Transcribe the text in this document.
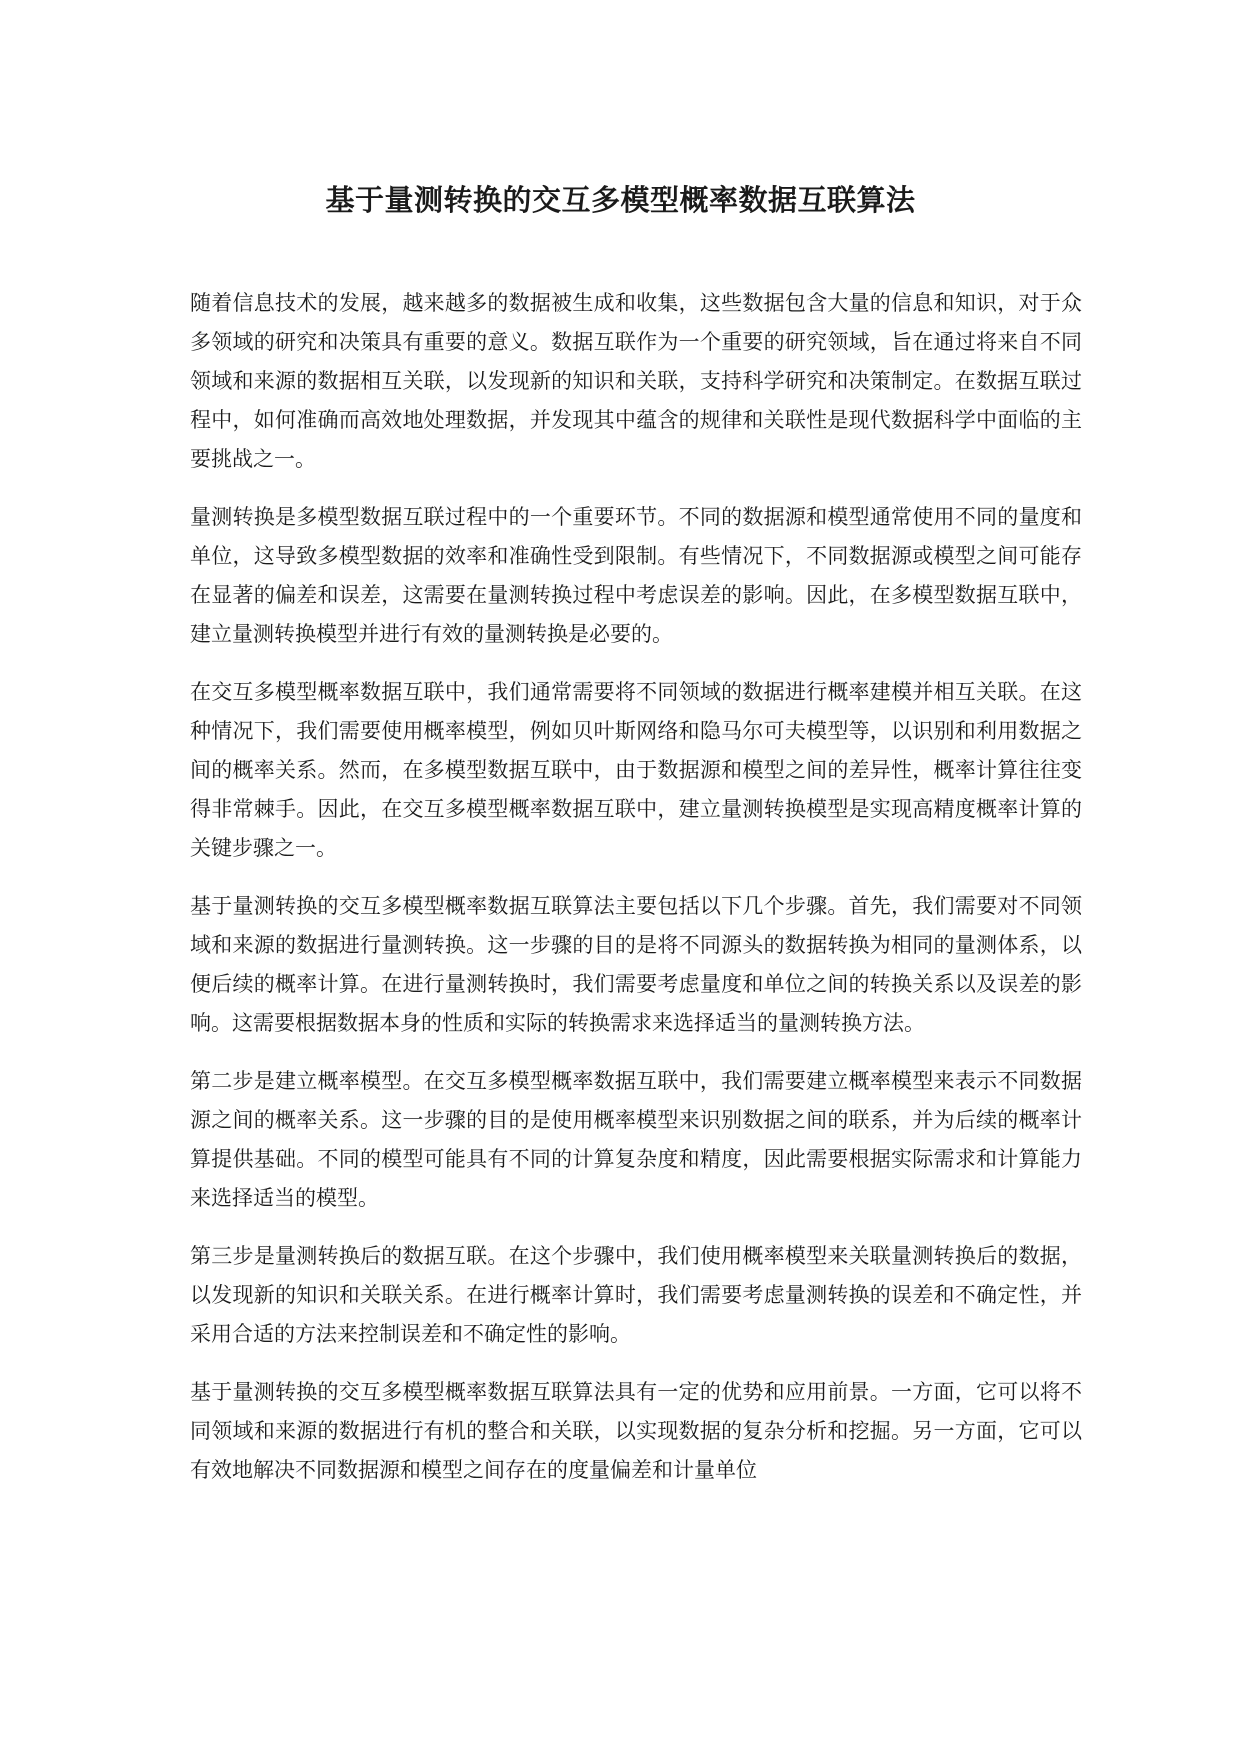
基于量测转换的交互多模型概率数据互联算法

随着信息技术的发展，越来越多的数据被生成和收集，这些数据包含大量的信息和知识，对于众多领域的研究和决策具有重要的意义。数据互联作为一个重要的研究领域，旨在通过将来自不同领域和来源的数据相互关联，以发现新的知识和关联，支持科学研究和决策制定。在数据互联过程中，如何准确而高效地处理数据，并发现其中蕴含的规律和关联性是现代数据科学中面临的主要挑战之一。

量测转换是多模型数据互联过程中的一个重要环节。不同的数据源和模型通常使用不同的量度和单位，这导致多模型数据的效率和准确性受到限制。有些情况下，不同数据源或模型之间可能存在显著的偏差和误差，这需要在量测转换过程中考虑误差的影响。因此，在多模型数据互联中，建立量测转换模型并进行有效的量测转换是必要的。

在交互多模型概率数据互联中，我们通常需要将不同领域的数据进行概率建模并相互关联。在这种情况下，我们需要使用概率模型，例如贝叶斯网络和隐马尔可夫模型等，以识别和利用数据之间的概率关系。然而，在多模型数据互联中，由于数据源和模型之间的差异性，概率计算往往变得非常棘手。因此，在交互多模型概率数据互联中，建立量测转换模型是实现高精度概率计算的关键步骤之一。

基于量测转换的交互多模型概率数据互联算法主要包括以下几个步骤。首先，我们需要对不同领域和来源的数据进行量测转换。这一步骤的目的是将不同源头的数据转换为相同的量测体系，以便后续的概率计算。在进行量测转换时，我们需要考虑量度和单位之间的转换关系以及误差的影响。这需要根据数据本身的性质和实际的转换需求来选择适当的量测转换方法。

第二步是建立概率模型。在交互多模型概率数据互联中，我们需要建立概率模型来表示不同数据源之间的概率关系。这一步骤的目的是使用概率模型来识别数据之间的联系，并为后续的概率计算提供基础。不同的模型可能具有不同的计算复杂度和精度，因此需要根据实际需求和计算能力来选择适当的模型。

第三步是量测转换后的数据互联。在这个步骤中，我们使用概率模型来关联量测转换后的数据，以发现新的知识和关联关系。在进行概率计算时，我们需要考虑量测转换的误差和不确定性，并采用合适的方法来控制误差和不确定性的影响。

基于量测转换的交互多模型概率数据互联算法具有一定的优势和应用前景。一方面，它可以将不同领域和来源的数据进行有机的整合和关联，以实现数据的复杂分析和挖掘。另一方面，它可以有效地解决不同数据源和模型之间存在的度量偏差和计量单位
